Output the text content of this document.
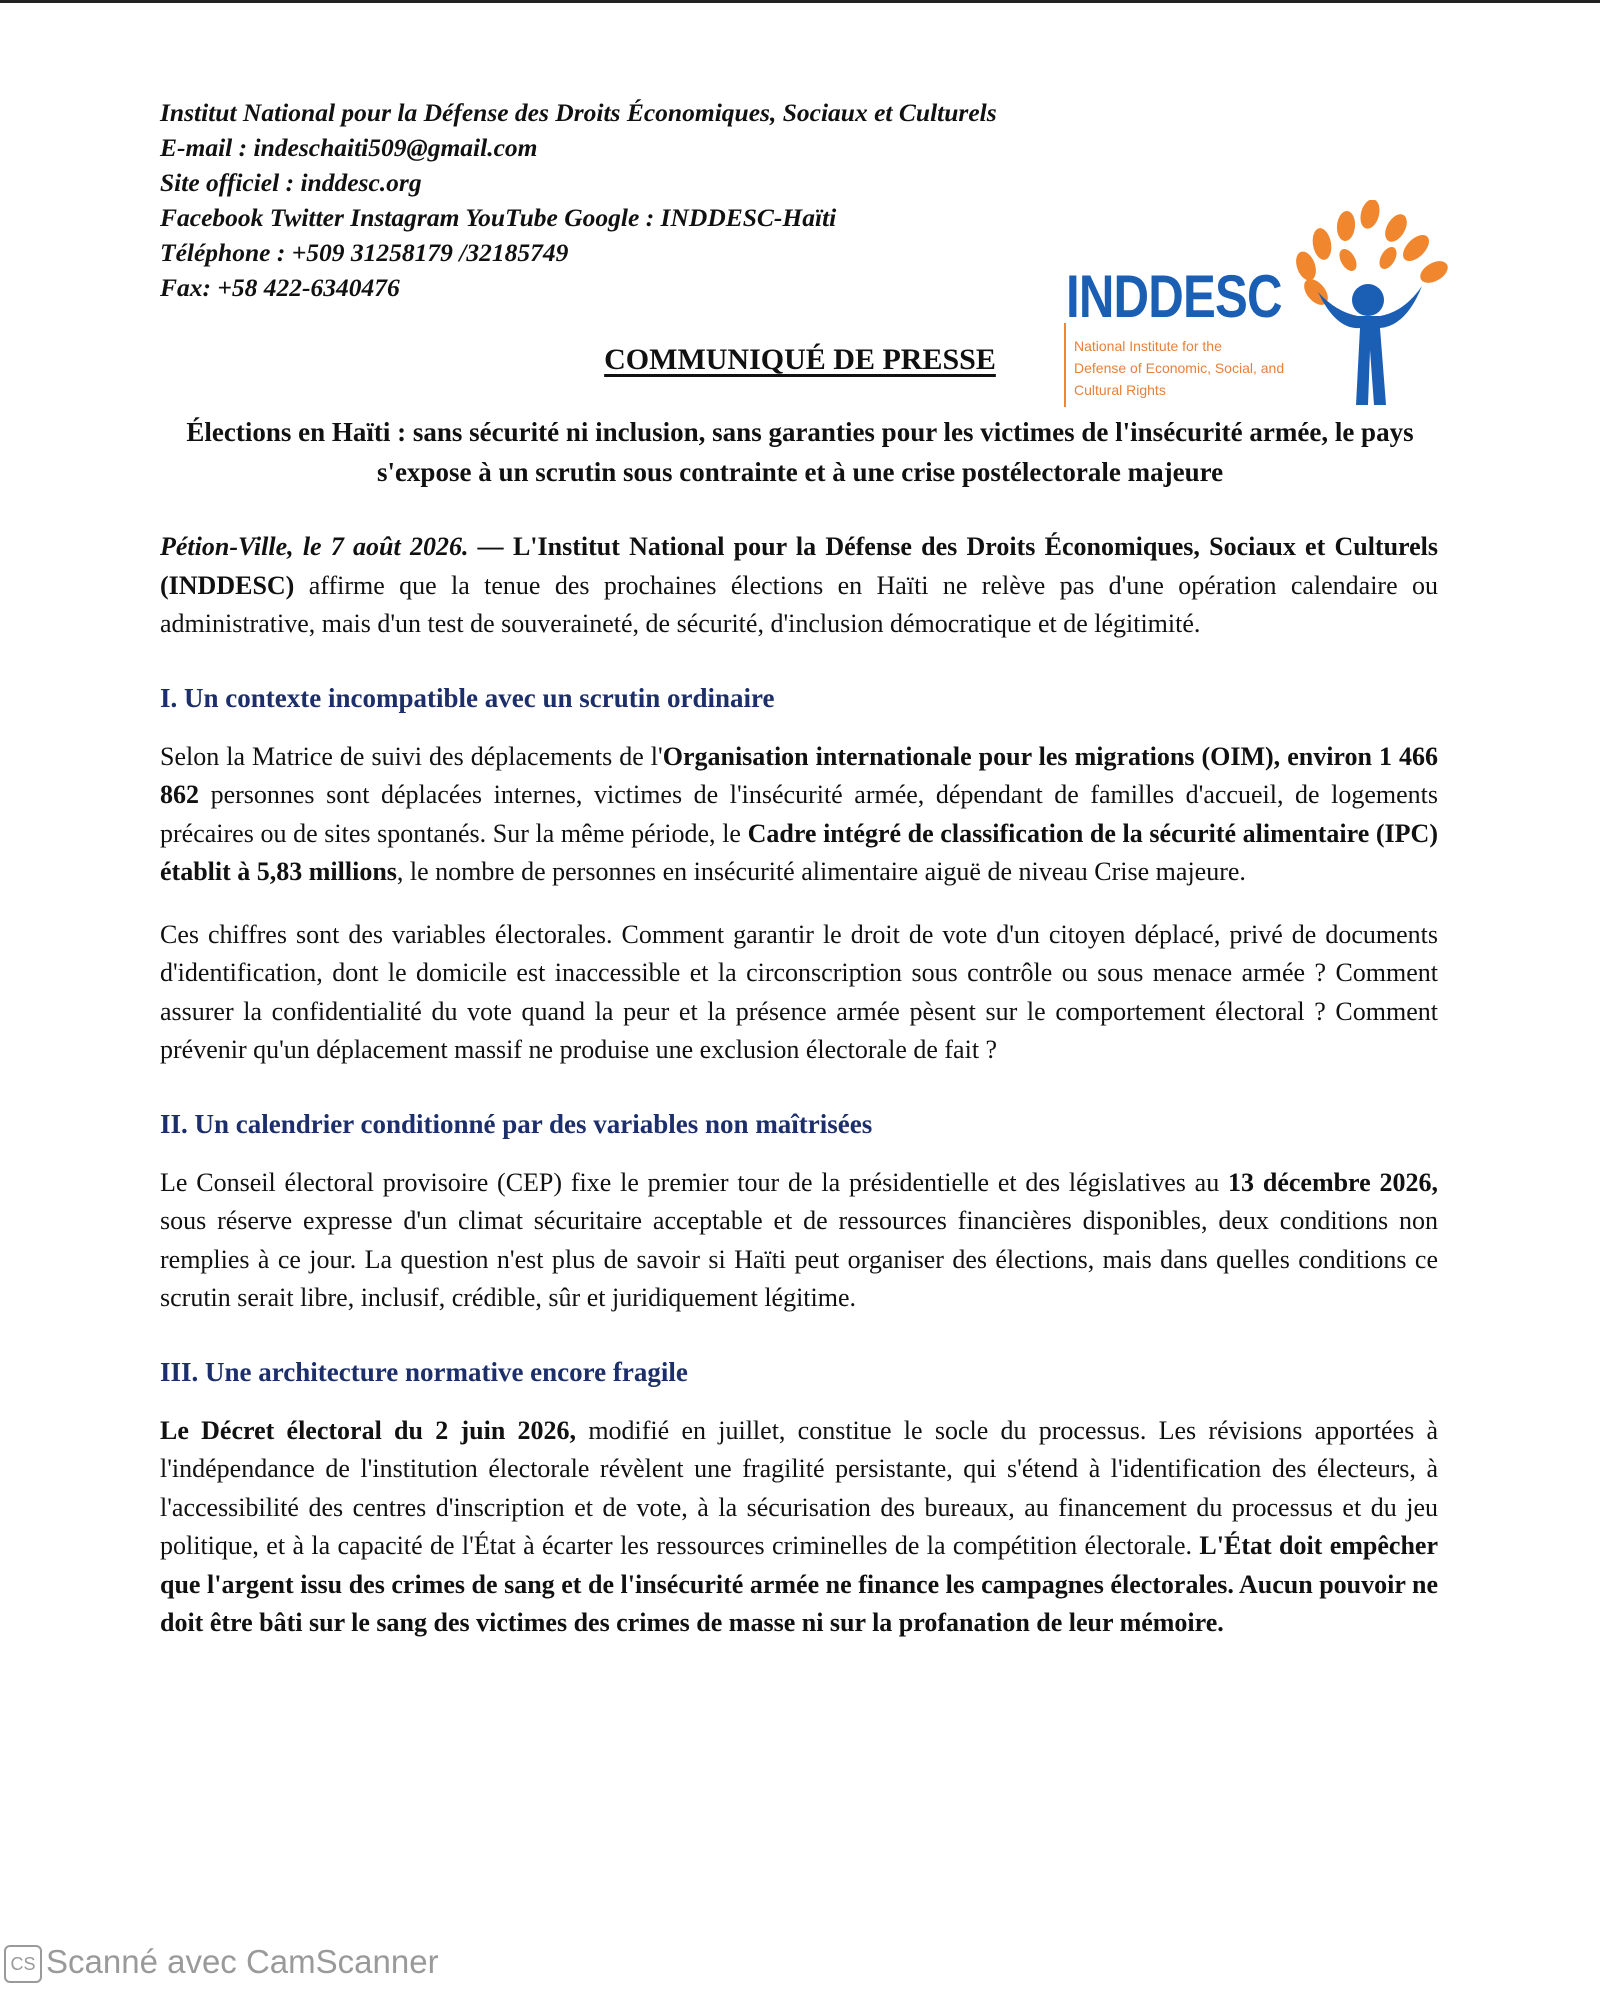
Institut National pour la Défense des Droits Économiques, Sociaux et Culturels
E-mail : indeschaiti509@gmail.com
Site officiel : inddesc.org
Facebook Twitter Instagram YouTube Google : INDDESC-Haïti
Téléphone : +509 31258179 /32185749
Fax: +58 422-6340476	INDDESC
National Institute for the
Defense of Economic, Social, and
Cultural Rights
COMMUNIQUÉ DE PRESSE
Élections en Haïti : sans sécurité ni inclusion, sans garanties pour les victimes de l'insécurité armée, le pays s'expose à un scrutin sous contrainte et à une crise postélectorale majeure

Pétion-Ville, le 7 août 2026. — L'Institut National pour la Défense des Droits Économiques, Sociaux et Culturels (INDDESC) affirme que la tenue des prochaines élections en Haïti ne relève pas d'une opération calendaire ou administrative, mais d'un test de souveraineté, de sécurité, d'inclusion démocratique et de légitimité.

I. Un contexte incompatible avec un scrutin ordinaire

Selon la Matrice de suivi des déplacements de l'Organisation internationale pour les migrations (OIM), environ 1 466 862 personnes sont déplacées internes, victimes de l'insécurité armée, dépendant de familles d'accueil, de logements précaires ou de sites spontanés. Sur la même période, le Cadre intégré de classification de la sécurité alimentaire (IPC) établit à 5,83 millions, le nombre de personnes en insécurité alimentaire aiguë de niveau Crise majeure.

Ces chiffres sont des variables électorales. Comment garantir le droit de vote d'un citoyen déplacé, privé de documents d'identification, dont le domicile est inaccessible et la circonscription sous contrôle ou sous menace armée ? Comment assurer la confidentialité du vote quand la peur et la présence armée pèsent sur le comportement électoral ? Comment prévenir qu'un déplacement massif ne produise une exclusion électorale de fait ?

II. Un calendrier conditionné par des variables non maîtrisées

Le Conseil électoral provisoire (CEP) fixe le premier tour de la présidentielle et des législatives au 13 décembre 2026, sous réserve expresse d'un climat sécuritaire acceptable et de ressources financières disponibles, deux conditions non remplies à ce jour. La question n'est plus de savoir si Haïti peut organiser des élections, mais dans quelles conditions ce scrutin serait libre, inclusif, crédible, sûr et juridiquement légitime.

III. Une architecture normative encore fragile

Le Décret électoral du 2 juin 2026, modifié en juillet, constitue le socle du processus. Les révisions apportées à l'indépendance de l'institution électorale révèlent une fragilité persistante, qui s'étend à l'identification des électeurs, à l'accessibilité des centres d'inscription et de vote, à la sécurisation des bureaux, au financement du processus et du jeu politique, et à la capacité de l'État à écarter les ressources criminelles de la compétition électorale. L'État doit empêcher que l'argent issu des crimes de sang et de l'insécurité armée ne finance les campagnes électorales. Aucun pouvoir ne doit être bâti sur le sang des victimes des crimes de masse ni sur la profanation de leur mémoire.

CS Scanné avec CamScanner
